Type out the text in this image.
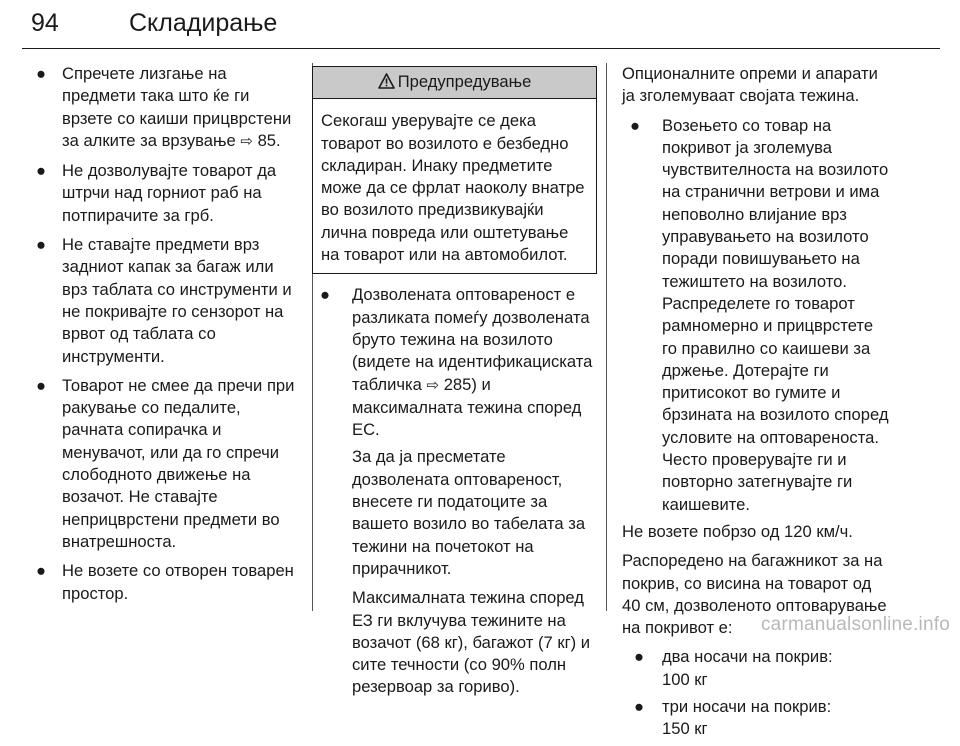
94	Складирање
● Спречете лизгање на предмети така што ќе ги врзете со каиши прицврстени за алките за врзување ⇨ 85.
● Не дозволувајте товарот да штрчи над горниот раб на потпирачите за грб.
● Не ставајте предмети врз задниот капак за багаж или врз таблата со инструменти и не покривајте го сензорот на врвот од таблата со инструменти.
● Товарот не смее да пречи при ракување со педалите, рачната сопирачка и менувачот, или да го спречи слободното движење на возачот. Не ставајте неприцврстени предмети во внатрешноста.
● Не возете со отворен товарен простор.
Предупредување
Секогаш уверувајте се дека товарот во возилото е безбедно складиран. Инаку предметите може да се фрлат наоколу внатре во возилото предизвикувајќи лична повреда или оштетување на товарот или на автомобилот.
● Дозволената оптовареност е разликата помеѓу дозволената бруто тежина на возилото (видете на идентификациската табличка ⇨ 285) и максималната тежина според ЕС.
За да ја пресметате дозволената оптовареност, внесете ги податоците за вашето возило во табелата за тежини на почетокот на прирачникот.
Максималната тежина според ЕЗ ги вклучува тежините на возачот (68 кг), багажот (7 кг) и сите течности (со 90% полн резервоар за гориво).
Опционалните опреми и апарати ја зголемуваат својата тежина.
● Возењето со товар на покривот ја зголемува чувствителноста на возилото на странични ветрови и има неповолно влијание врз управувањето на возилото поради повишувањето на тежиштето на возилото. Распределете го товарот рамномерно и прицврстете го правилно со каишеви за држење. Дотерајте ги притисокот во гумите и брзината на возилото според условите на оптовареноста. Често проверувајте ги и повторно затегнувајте ги каишевите.
Не возете побрзо од 120 км/ч.
Распоредено на багажникот за на покрив, со висина на товарот од 40 см, дозволеното оптоварување на покривот е:
● два носачи на покрив:
100 кг
● три носачи на покрив:
150 кг
carmanualsonline.info
